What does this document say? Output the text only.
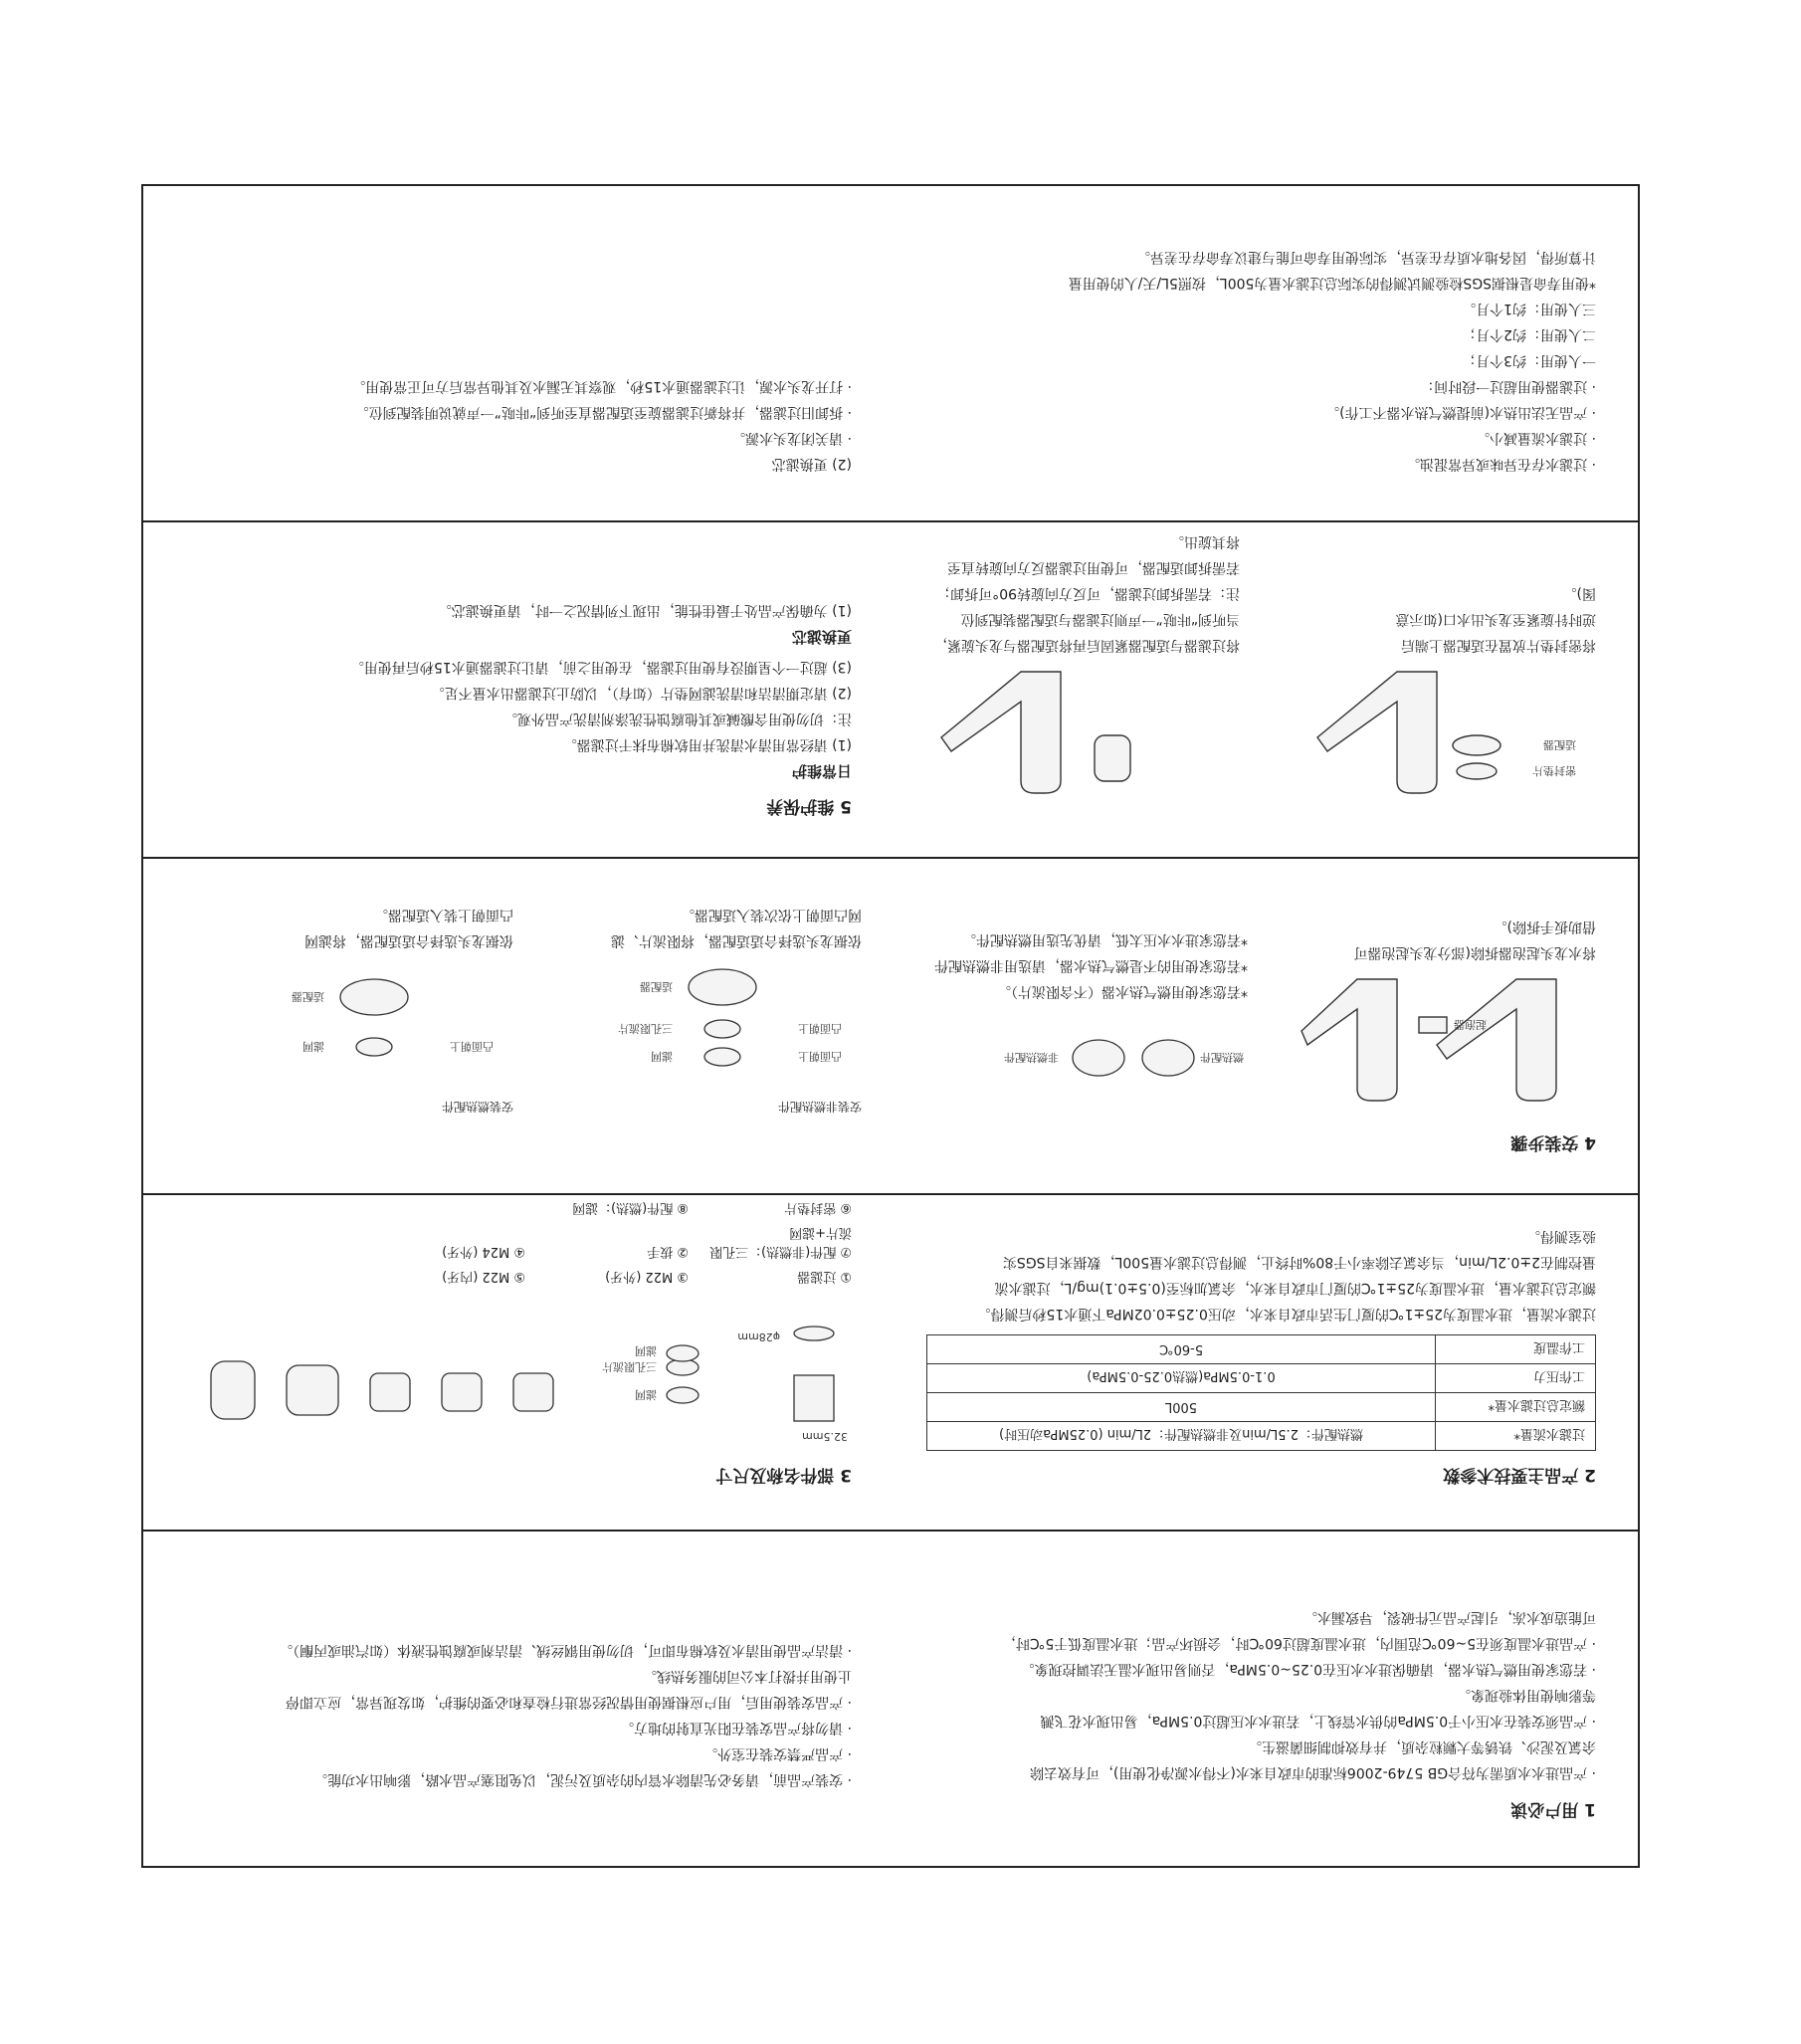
1 用户必读

· 产品进水水质需为符合GB 5749-2006标准的市政自来水(不得水源净化使用)，可有效去除

余氯及泥沙、铁锈等大颗粒杂质，并有效抑制细菌滋生。

· 产品须安装在水压小于0.5MPa的供水管线上，若进水水压超过0.5MPa，易出现水花飞溅

等影响使用体验现象。

· 若您家使用燃气热水器，请确保进水水压在0.25~0.5MPa，否则易出现水温无法调控现象。

· 产品进水温度须在5~60℃范围内，进水温度超过60℃时，会损坏产品；进水温度低于5℃时，

可能造成水冻，引起产品元件破裂，导致漏水。

· 安装产品前，请务必先清除水管内的杂质及污泥，以免阻塞产品水路，影响出水功能。

· 产品严禁安装在室外。

· 请勿将产品安装在阳光直射的地方。

· 产品安装使用后，用户应根据使用情况经常进行检查和必要的维护，如发现异常，应立即停

止使用并拨打本公司的服务热线。

· 清洁产品使用清水及软棉布即可，切勿使用钢丝绒、清洁剂或腐蚀性液体（如汽油或丙酮）。

2 产品主要技术参数

过滤水流量*	燃热配件：2.5L/min及非燃热配件：2L/min (0.25MPa动压时)
额定总过滤水量*	500L
工作压力	0.1-0.5MPa(燃热0.25-0.5MPa)
工作温度	5-60℃

过滤水流量，进水温度为25±1℃的厦门生活市政自来水，动压0.25±0.02MPa下通水15秒后测得。

额定总过滤水量，进水温度为25±1℃的厦门市政自来水，余氯加标至(0.5±0.1)mg/L，过滤水流

量控制在2±0.2L/min，当余氯去除率小于80%时终止，测得总过滤水量500L，数据来自SGS实

验室测得。

3 部件名称及尺寸

32.5mm
φ28mm
滤网
三孔限流片
滤网
① 过滤器
③ M22 (外牙)
⑤ M22 (内牙)
⑦ 配件(非燃热)：三孔限流片+滤网
② 拔手
④ M24 (外牙)
⑥ 密封垫片
⑧ 配件(燃热)：滤网

4 安装步骤

起泡器

将水龙头起泡器拆除(部分龙头起泡器可

借助扳手拆除)。

燃热配件
非燃热配件

*若您家使用燃气热水器（不含限流片）。

*若您家使用的不是燃气热水器，请选用非燃热配件

*若您家进水水压太低，请优先选用燃热配件。

安装非燃热配件

凸面朝上
凸面朝上
滤网
三孔限流片
适配器

依据龙头选择合适适配器，将限流片、滤

网凸面朝上依次装入适配器。

安装燃热配件

凸面朝上
滤网
适配器

依据龙头选择合适适配器，将滤网

凸面朝上装入适配器。

密封垫片
适配器

将密封垫片放置在适配器上端后

逆时针旋紧至龙头出水口(如示意

图)。

将过滤器与适配器紧固后再将适配器与龙头旋紧，

当听到“咔哒”一声则过滤器与适配器装配到位

注：若需拆卸过滤器，可反方向旋转90°可拆卸；

若需拆卸适配器，可使用过滤器反方向旋转直至

将其旋出。

5 维护保养

日常维护

(1) 请经常用清水清洗并用软棉布抹干过滤器。

注：切勿使用含酸碱或其他腐蚀性洗涤剂清洗产品外观。

(2) 请定期清洁和清洗滤网垫片（如有），以防止过滤器出水量不足。

(3) 超过一个星期没有使用过滤器，在使用之前，请让过滤器通水15秒后再使用。

更换滤芯

(1) 为确保产品处于最佳性能，出现下列情况之一时，请更换滤芯。

· 过滤水存在异味或异常混浊。

· 过滤水流量减小。

· 产品无法出热水(前提燃气热水器不工作)。

· 过滤器使用超过一段时间：

一人使用：约3个月；

二人使用：约2个月；

三人使用：约1个月。

*使用寿命是根据SGS检验测试测得的实际总过滤水量为500L，按照5L/天/人的使用量

计算所得，因各地水质存在差异，实际使用寿命可能与建议寿命存在差异。

(2) 更换滤芯

· 请关闭龙头水源。

· 拆卸旧过滤器，并将新过滤器旋至适配器直至听到“咔哒”一声就说明装配到位。

· 打开龙头水源，让过滤器通水15秒，观察其无漏水及其他异常后方可正常使用。
